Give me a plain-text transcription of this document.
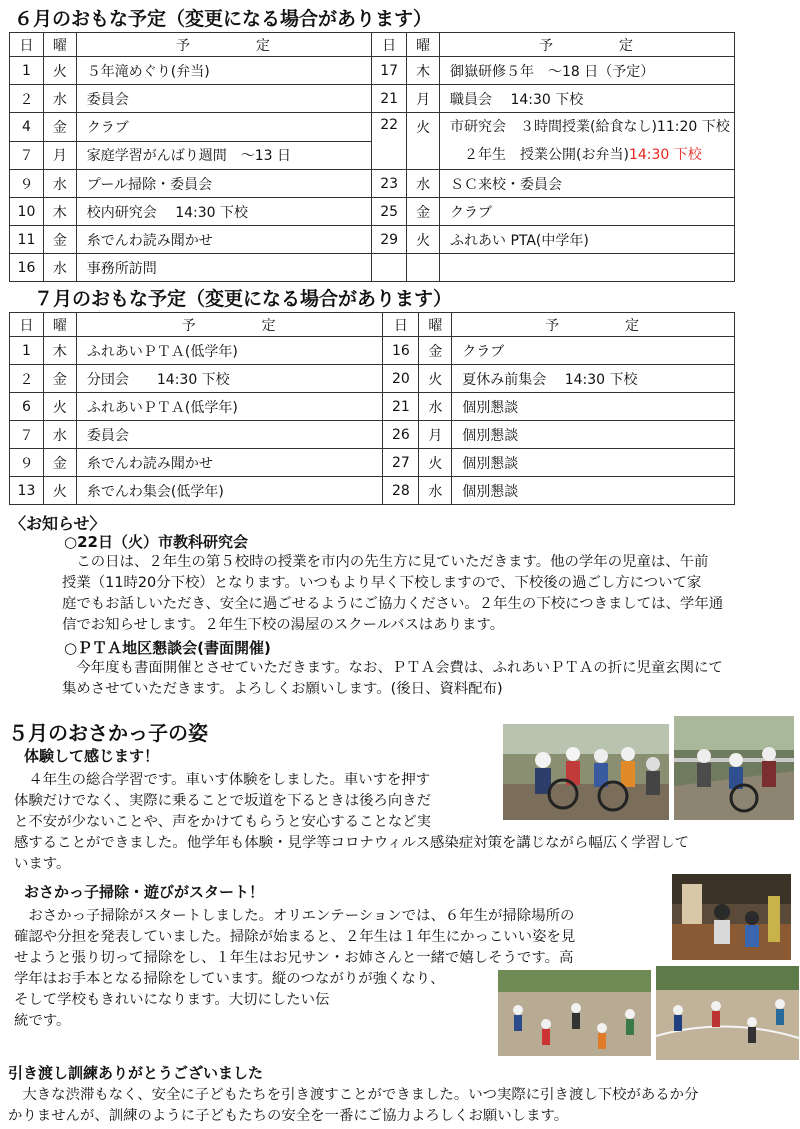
６月のおもな予定（変更になる場合があります）
日	曜	予　　　　定	日	曜	予　　　　定
1	火	５年滝めぐり(弁当)	17	木	御嶽研修５年　～18 日（予定）
２	水	委員会	21	月	職員会　 14:30 下校
4	金	クラブ	22	火	市研究会　３時間授業(給食なし)11:20 下校
　２年生　授業公開(お弁当)14:30 下校

７	月	家庭学習がんばり週間　～13 日			
９	水	プール掃除・委員会	23	水	ＳＣ来校・委員会
10	木	校内研究会　 14:30 下校	25	金	クラブ
11	金	糸でんわ読み聞かせ	29	火	ふれあい PTA(中学年)
16	水	事務所訪問			
７月のおもな予定（変更になる場合があります）
日	曜	予　　　　定	日	曜	予　　　　定
1	木	ふれあいＰＴＡ(低学年)	16	金	クラブ
２	金	分団会　　14:30 下校	20	火	夏休み前集会　 14:30 下校
6	火	ふれあいＰＴＡ(低学年)	21	水	個別懇談
７	水	委員会	26	月	個別懇談
９	金	糸でんわ読み聞かせ	27	火	個別懇談
13	火	糸でんわ集会(低学年)	28	水	個別懇談
〈お知らせ〉
○22日（火）市教科研究会
　この日は、２年生の第５校時の授業を市内の先生方に見ていただきます。他の学年の児童は、午前
授業（11時20分下校）となります。いつもより早く下校しますので、下校後の過ごし方について家
庭でもお話しいただき、安全に過ごせるようにご協力ください。２年生の下校につきましては、学年通
信でお知らせします。２年生下校の湯屋のスクールバスはあります。
○ＰＴＡ地区懇談会(書面開催)
　今年度も書面開催とさせていただきます。なお、ＰＴＡ会費は、ふれあいＰＴＡの折に児童玄関にて
集めさせていただきます。よろしくお願いします。(後日、資料配布)
５月のおさかっ子の姿
体験して感じます！
　４年生の総合学習です。車いす体験をしました。車いすを押す
体験だけでなく、実際に乗ることで坂道を下るときは後ろ向きだ
と不安が少ないことや、声をかけてもらうと安心することなど実
感することができました。他学年も体験・見学等コロナウィルス感染症対策を講じながら幅広く学習して
います。
おさかっ子掃除・遊びがスタート！
　おさかっ子掃除がスタートしました。オリエンテーションでは、６年生が掃除場所の
確認や分担を発表していました。掃除が始まると、２年生は１年生にかっこいい姿を見
せようと張り切って掃除をし、１年生はお兄サン・お姉さんと一緒で嬉しそうです。高
学年はお手本となる掃除をしています。縦のつながりが強くなり、
そして学校もきれいになります。大切にしたい伝
統です。
引き渡し訓練ありがとうございました
　大きな渋滞もなく、安全に子どもたちを引き渡すことができました。いつ実際に引き渡し下校があるか分
かりませんが、訓練のように子どもたちの安全を一番にご協力よろしくお願いします。
